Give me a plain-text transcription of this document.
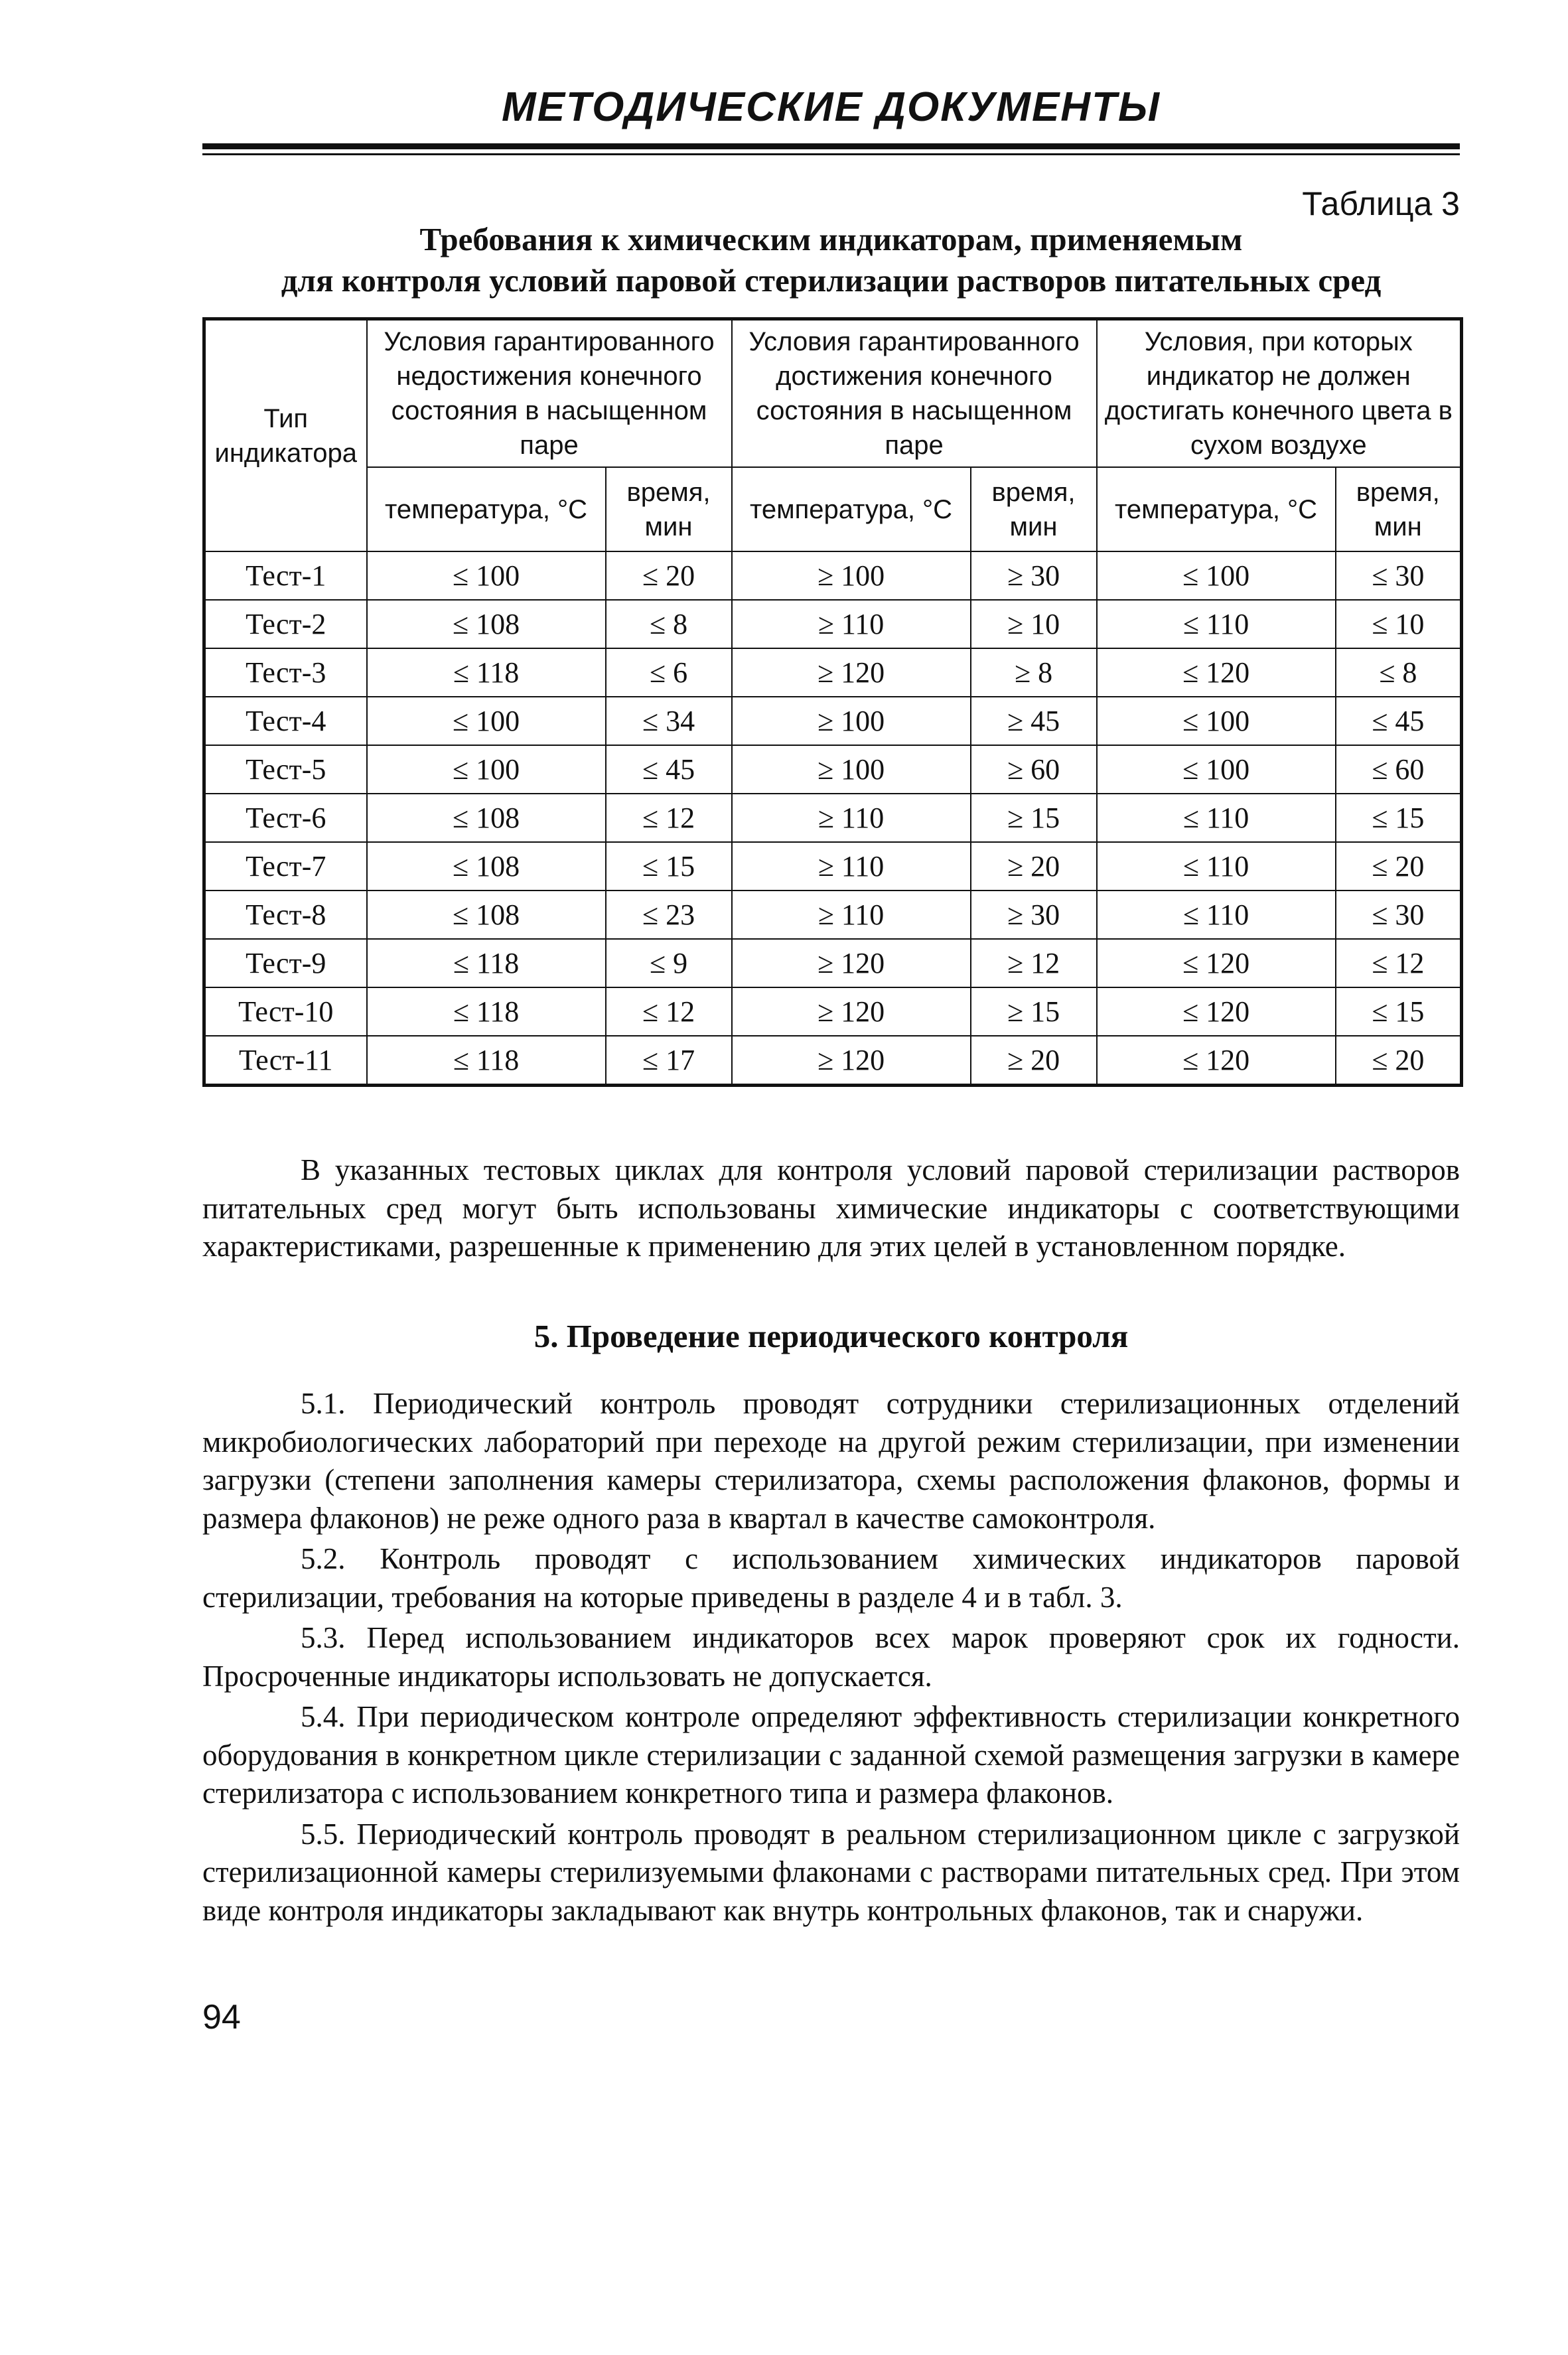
МЕТОДИЧЕСКИЕ ДОКУМЕНТЫ
Таблица 3
Требования к химическим индикаторам, применяемым
для контроля условий паровой стерилизации растворов питательных сред
Тип индикатора	Условия гарантированного недостижения конечного состояния в насыщенном паре		Условия гарантированного достижения конечного состояния в насыщенном паре		Условия, при которых индикатор не должен достигать конечного цвета в сухом воздухе	
	температура, °С	время, мин	температура, °С	время, мин	температура, °С	время, мин
Тест-1	≤ 100	≤ 20	≥ 100	≥ 30	≤ 100	≤ 30
Тест-2	≤ 108	≤ 8	≥ 110	≥ 10	≤ 110	≤ 10
Тест-3	≤ 118	≤ 6	≥ 120	≥ 8	≤ 120	≤ 8
Тест-4	≤ 100	≤ 34	≥ 100	≥ 45	≤ 100	≤ 45
Тест-5	≤ 100	≤ 45	≥ 100	≥ 60	≤ 100	≤ 60
Тест-6	≤ 108	≤ 12	≥ 110	≥ 15	≤ 110	≤ 15
Тест-7	≤ 108	≤ 15	≥ 110	≥ 20	≤ 110	≤ 20
Тест-8	≤ 108	≤ 23	≥ 110	≥ 30	≤ 110	≤ 30
Тест-9	≤ 118	≤ 9	≥ 120	≥ 12	≤ 120	≤ 12
Тест-10	≤ 118	≤ 12	≥ 120	≥ 15	≤ 120	≤ 15
Тест-11	≤ 118	≤ 17	≥ 120	≥ 20	≤ 120	≤ 20

В указанных тестовых циклах для контроля условий паровой стерилизации растворов питательных сред могут быть использованы химические индикаторы с соответствующими характеристиками, разрешенные к применению для этих целей в установленном порядке.

5. Проведение периодического контроля

5.1. Периодический контроль проводят сотрудники стерилизационных отделений микробиологических лабораторий при переходе на другой режим стерилизации, при изменении загрузки (степени заполнения камеры стерилизатора, схемы расположения флаконов, формы и размера флаконов) не реже одного раза в квартал в качестве самоконтроля.

5.2. Контроль проводят с использованием химических индикаторов паровой стерилизации, требования на которые приведены в разделе 4 и в табл. 3.

5.3. Перед использованием индикаторов всех марок проверяют срок их годности. Просроченные индикаторы использовать не допускается.

5.4. При периодическом контроле определяют эффективность стерилизации конкретного оборудования в конкретном цикле стерилизации с заданной схемой размещения загрузки в камере стерилизатора с использованием конкретного типа и размера флаконов.

5.5. Периодический контроль проводят в реальном стерилизационном цикле с загрузкой стерилизационной камеры стерилизуемыми флаконами с растворами питательных сред. При этом виде контроля индикаторы закладывают как внутрь контрольных флаконов, так и снаружи.

94
